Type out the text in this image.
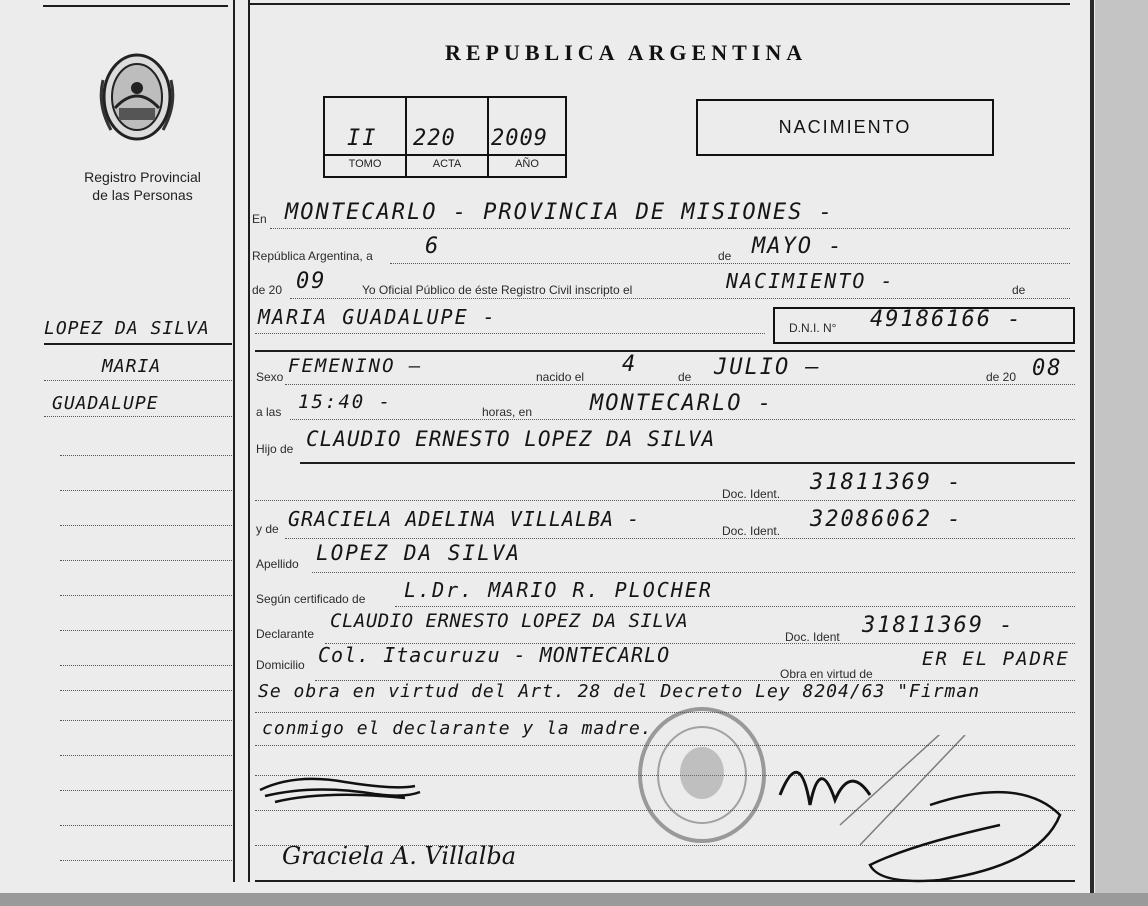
Registro Provincial
de las Personas
LOPEZ DA SILVA
MARIA
GUADALUPE
REPUBLICA ARGENTINA
II 220 2009
TOMO	ACTA	AÑO
NACIMIENTO
En MONTECARLO - PROVINCIA DE MISIONES -
República Argentina, a 6	de MAYO -
de 20 09	Yo Oficial Público de éste Registro Civil inscripto el	NACIMIENTO -	de
MARIA GUADALUPE -	D.N.I. N° 49186166 -
Sexo FEMENINO —	nacido el 4	de JULIO —	de 20 08
a las 15:40 -	horas, en	MONTECARLO -
Hijo de CLAUDIO ERNESTO LOPEZ DA SILVA
Doc. Ident. 31811369 -
y de GRACIELA ADELINA VILLALBA -	Doc. Ident. 32086062 -
Apellido LOPEZ DA SILVA
Según certificado de L.Dr. MARIO R. PLOCHER
Declarante
CLAUDIO ERNESTO LOPEZ DA SILVA
Doc. Ident 31811369 -
Domicilio Col. Itacuruzu - MONTECARLO
Obra en virtud de
ER EL PADRE
Se obra en virtud del Art. 28 del Decreto Ley 8204/63 "Firman
conmigo el declarante y la madre.
Graciela A. Villalba
